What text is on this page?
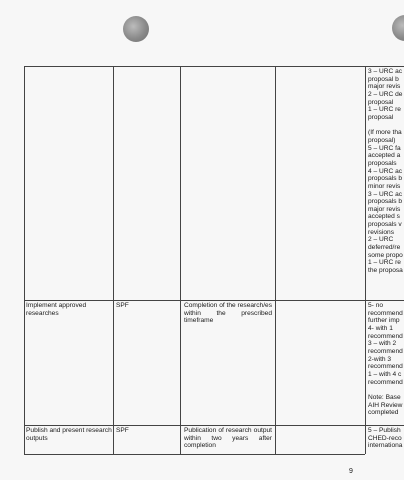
3 – URC ac
proposal b
major revis
2 – URC de
proposal
1 – URC re
proposal

(If more tha
proposal)
5 – URC fa
accepted a
proposals
4 – URC ac
proposals b
minor revis
3 – URC ac
proposals b
major revis
accepted s
proposals v
revisions
2 – URC
deferred/re
some propo
1 – URC re
the proposa
Implement approved researches
SPF	Completion of the research/es within the prescribed timeframe
5- no
recommend
further imp
4- with 1
recommend
3 – with 2
recommend
2-with 3
recommend
1 – with 4 c
recommend

Note: Base
AIH Review
completed
Publish and present research outputs
SPF	Publication of research output within two years after completion
5 – Publish
CHED-reco
internationa
9
